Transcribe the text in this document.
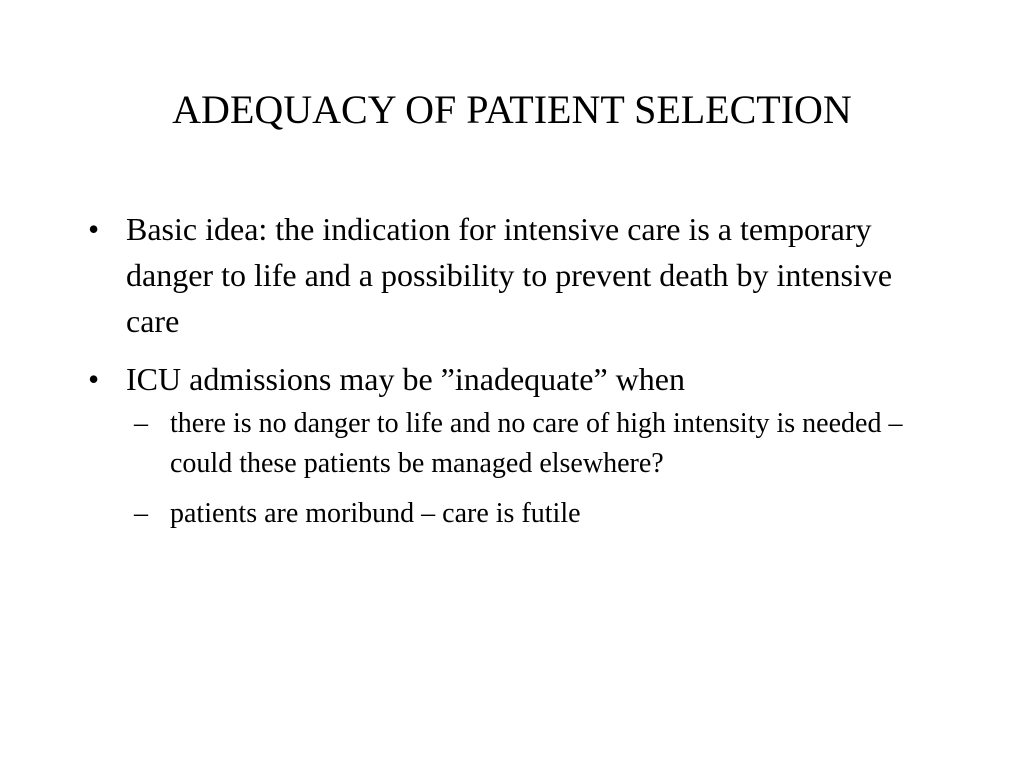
ADEQUACY OF PATIENT SELECTION
• Basic idea: the indication for intensive care is a temporary danger to life and a possibility to prevent death by intensive care
• ICU admissions may be ”inadequate” when
– there is no danger to life and no care of high intensity is needed – could these patients be managed elsewhere?
– patients are moribund – care is futile
